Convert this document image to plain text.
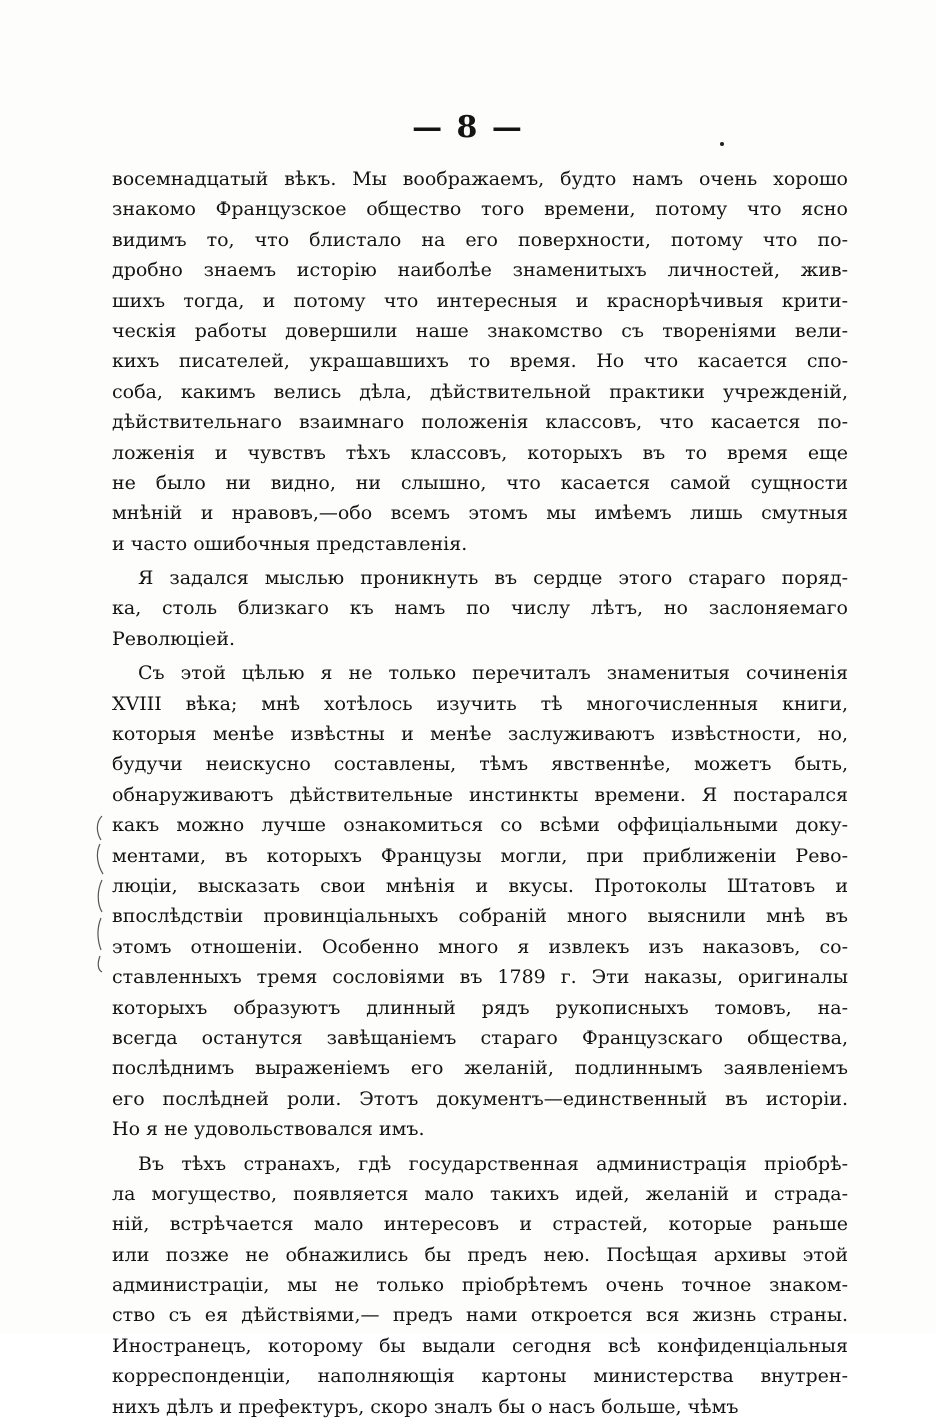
— 8 —
восемнадцатый вѣкъ. Мы воображаемъ, будто намъ очень хорошо
знакомо Французское общество того времени, потому что ясно
видимъ то, что блистало на его поверхности, потому что по-
дробно знаемъ исторію наиболѣе знаменитыхъ личностей, жив-
шихъ тогда, и потому что интересныя и краснорѣчивыя крити-
ческія работы довершили наше знакомство съ твореніями вели-
кихъ писателей, украшавшихъ то время. Но что касается спо-
соба, какимъ велись дѣла, дѣйствительной практики учрежденій,
дѣйствительнаго взаимнаго положенія классовъ, что касается по-
ложенія и чувствъ тѣхъ классовъ, которыхъ въ то время еще
не было ни видно, ни слышно, что касается самой сущности
мнѣній и нравовъ,—обо всемъ этомъ мы имѣемъ лишь смутныя
и часто ошибочныя представленія.
Я задался мыслью проникнуть въ сердце этого стараго поряд-
ка, столь близкаго къ намъ по числу лѣтъ, но заслоняемаго
Революціей.
Съ этой цѣлью я не только перечиталъ знаменитыя сочиненія
XVIII вѣка; мнѣ хотѣлось изучить тѣ многочисленныя книги,
которыя менѣе извѣстны и менѣе заслуживаютъ извѣстности, но,
будучи неискусно составлены, тѣмъ явственнѣе, можетъ быть,
обнаруживаютъ дѣйствительные инстинкты времени. Я постарался
какъ можно лучше ознакомиться со всѣми оффиціальными доку-
ментами, въ которыхъ Французы могли, при приближеніи Рево-
люціи, высказать свои мнѣнія и вкусы. Протоколы Штатовъ и
впослѣдствіи провинціальныхъ собраній много выяснили мнѣ въ
этомъ отношеніи. Особенно много я извлекъ изъ наказовъ, со-
ставленныхъ тремя сословіями въ 1789 г. Эти наказы, оригиналы
которыхъ образуютъ длинный рядъ рукописныхъ томовъ, на-
всегда останутся завѣщаніемъ стараго Французскаго общества,
послѣднимъ выраженіемъ его желаній, подлиннымъ заявленіемъ
его послѣдней роли. Этотъ документъ—единственный въ исторіи.
Но я не удовольствовался имъ.
Въ тѣхъ странахъ, гдѣ государственная администрація пріобрѣ-
ла могущество, появляется мало такихъ идей, желаній и страда-
ній, встрѣчается мало интересовъ и страстей, которые раньше
или позже не обнажились бы предъ нею. Посѣщая архивы этой
администраціи, мы не только пріобрѣтемъ очень точное знаком-
ство съ ея дѣйствіями,— предъ нами откроется вся жизнь страны.
Иностранецъ, которому бы выдали сегодня всѣ конфиденціальныя
корреспонденціи, наполняющія картоны министерства внутрен-
нихъ дѣлъ и префектуръ, скоро зналъ бы о насъ больше, чѣмъ
